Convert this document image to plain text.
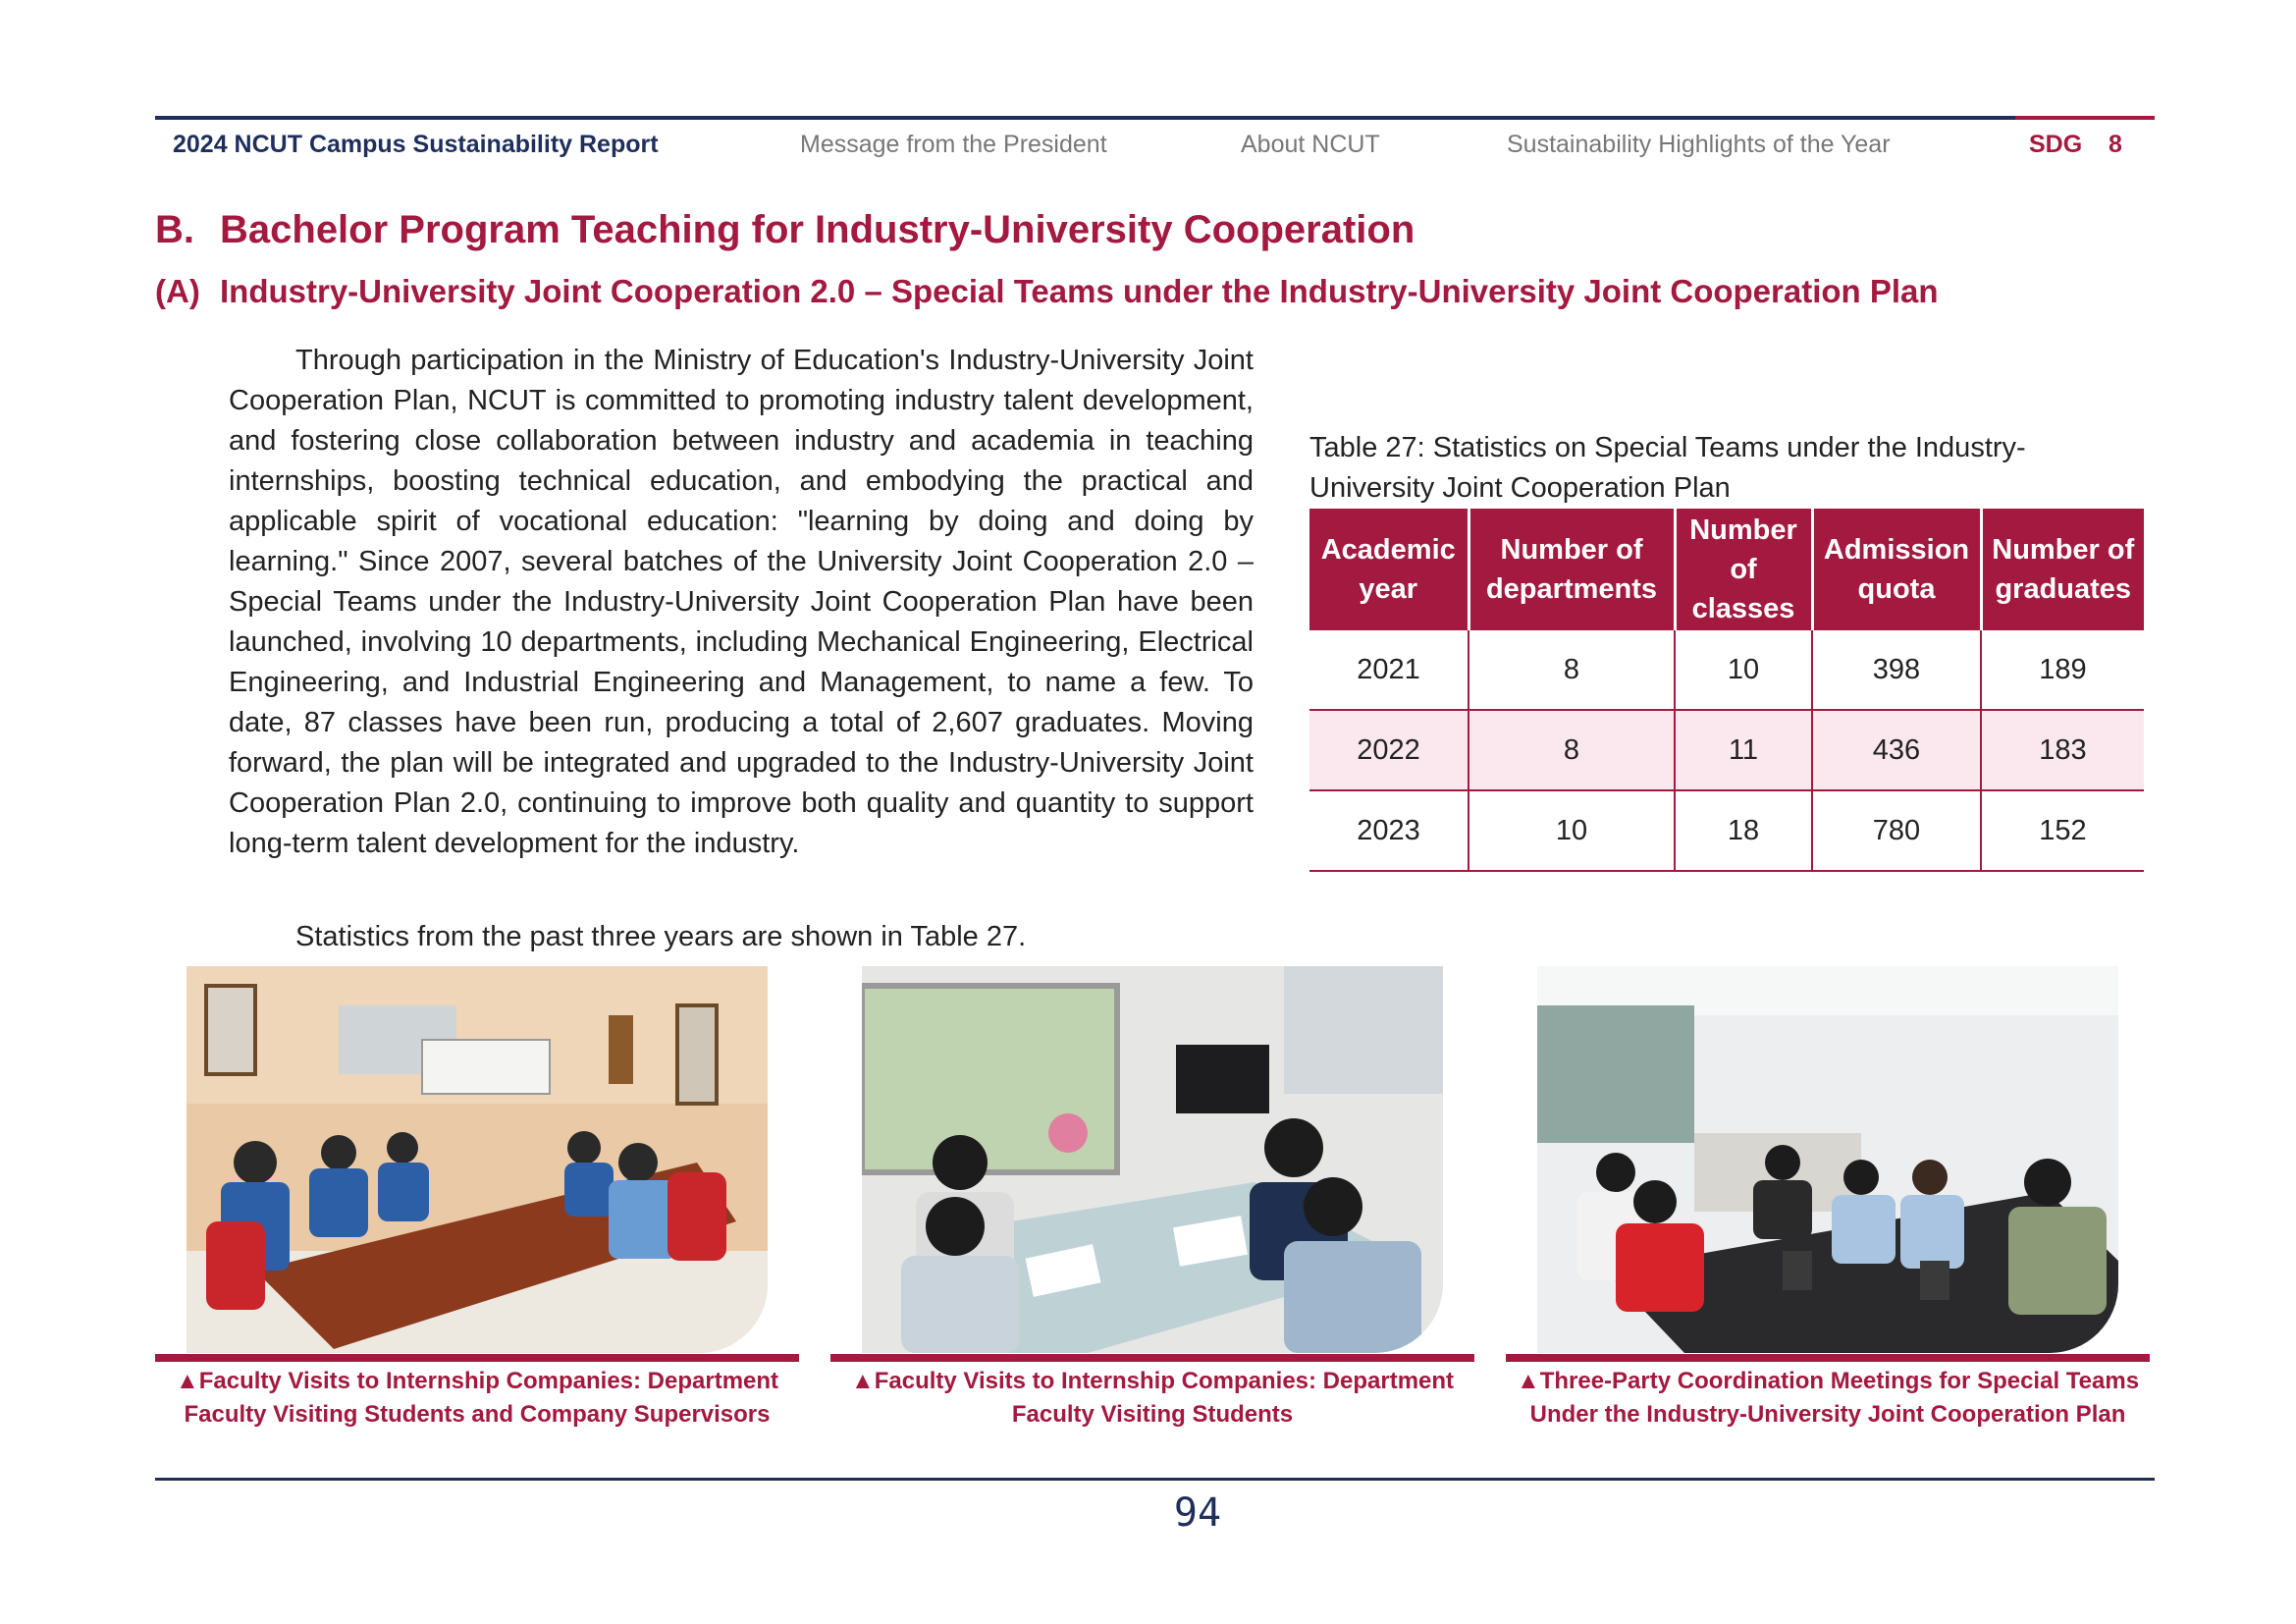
2024 NCUT Campus Sustainability Report	Message from the President	About NCUT	Sustainability Highlights of the Year	SDG 8
B. Bachelor Program Teaching for Industry-University Cooperation
(A) Industry-University Joint Cooperation 2.0 – Special Teams under the Industry-University Joint Cooperation Plan

Through participation in the Ministry of Education's Industry-University Joint Cooperation Plan, NCUT is committed to promoting industry talent development, and fostering close collaboration between industry and academia in teaching internships, boosting technical education, and embodying the practical and applicable spirit of vocational education: "learning by doing and doing by learning." Since 2007, several batches of the University Joint Cooperation 2.0 – Special Teams under the Industry-University Joint Cooperation Plan have been launched, involving 10 departments, including Mechanical Engineering, Electrical Engineering, and Industrial Engineering and Management, to name a few. To date, 87 classes have been run, producing a total of 2,607 graduates. Moving forward, the plan will be integrated and upgraded to the Industry-University Joint Cooperation Plan 2.0, continuing to improve both quality and quantity to support long-term talent development for the industry.

Statistics from the past three years are shown in Table 27.

Table 27: Statistics on Special Teams under the Industry-University Joint Cooperation Plan
Academic year	Number of departments	Number of classes	Admission quota	Number of graduates
2021	8	10	398	189
2022	8	11	436	183
2023	10	18	780	152
▲Faculty Visits to Internship Companies: Department Faculty Visiting Students and Company Supervisors
▲Faculty Visits to Internship Companies: Department Faculty Visiting Students
▲Three-Party Coordination Meetings for Special Teams Under the Industry-University Joint Cooperation Plan
94
